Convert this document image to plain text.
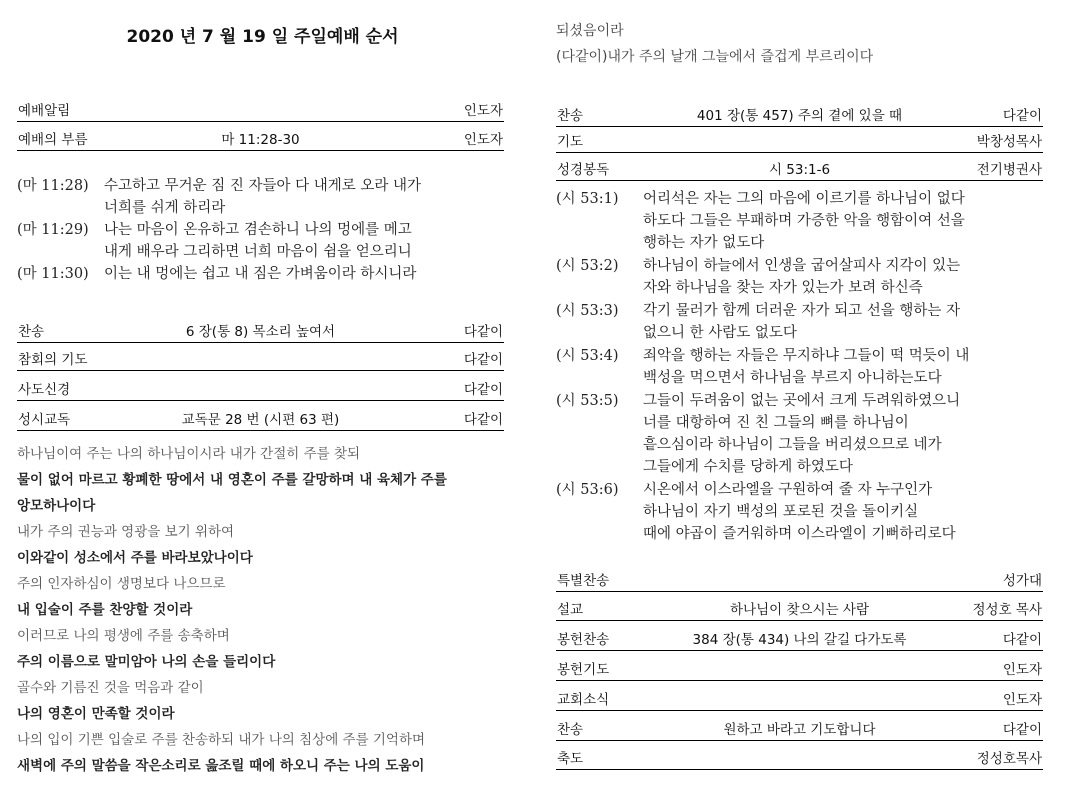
2020 년 7 월 19 일 주일예배 순서
예배알림	인도자
예배의 부름	마 11:28-30	인도자
(마 11:28) 수고하고 무거운 짐 진 자들아 다 내게로 오라 내가
너희를 쉬게 하리라
(마 11:29) 나는 마음이 온유하고 겸손하니 나의 멍에를 메고
내게 배우라 그리하면 너희 마음이 쉼을 얻으리니
(마 11:30) 이는 내 멍에는 쉽고 내 짐은 가벼움이라 하시니라
찬송	6 장(통 8) 목소리 높여서	다같이
참회의 기도	다같이
사도신경	다같이
성시교독	교독문 28 번 (시편 63 편)	다같이
하나님이여 주는 나의 하나님이시라 내가 간절히 주를 찾되
물이 없어 마르고 황폐한 땅에서 내 영혼이 주를 갈망하며 내 육체가 주를
앙모하나이다
내가 주의 권능과 영광을 보기 위하여
이와같이 성소에서 주를 바라보았나이다
주의 인자하심이 생명보다 나으므로
내 입술이 주를 찬양할 것이라
이러므로 나의 평생에 주를 송축하며
주의 이름으로 말미암아 나의 손을 들리이다
골수와 기름진 것을 먹음과 같이
나의 영혼이 만족할 것이라
나의 입이 기쁜 입술로 주를 찬송하되 내가 나의 침상에 주를 기억하며
새벽에 주의 말씀을 작은소리로 읊조릴 때에 하오니 주는 나의 도움이
되셨음이라
(다같이)내가 주의 날개 그늘에서 즐겁게 부르리이다
찬송	401 장(통 457) 주의 곁에 있을 때	다같이
기도	박창성목사
성경봉독	시 53:1-6	전기병권사
(시 53:1) 어리석은 자는 그의 마음에 이르기를 하나님이 없다
하도다 그들은 부패하며 가증한 악을 행함이여 선을
행하는 자가 없도다
(시 53:2) 하나님이 하늘에서 인생을 굽어살피사 지각이 있는
자와 하나님을 찾는 자가 있는가 보려 하신즉
(시 53:3) 각기 물러가 함께 더러운 자가 되고 선을 행하는 자
없으니 한 사람도 없도다
(시 53:4) 죄악을 행하는 자들은 무지하냐 그들이 떡 먹듯이 내
백성을 먹으면서 하나님을 부르지 아니하는도다
(시 53:5) 그들이 두려움이 없는 곳에서 크게 두려워하였으니
너를 대항하여 진 친 그들의 뼈를 하나님이
흩으심이라 하나님이 그들을 버리셨으므로 네가
그들에게 수치를 당하게 하였도다
(시 53:6) 시온에서 이스라엘을 구원하여 줄 자 누구인가
하나님이 자기 백성의 포로된 것을 돌이키실
때에 야곱이 즐거워하며 이스라엘이 기뻐하리로다
특별찬송	성가대
설교	하나님이 찾으시는 사람	정성호 목사
봉헌찬송	384 장(통 434) 나의 갈길 다가도록	다같이
봉헌기도	인도자
교회소식	인도자
찬송	원하고 바라고 기도합니다	다같이
축도	정성호목사
